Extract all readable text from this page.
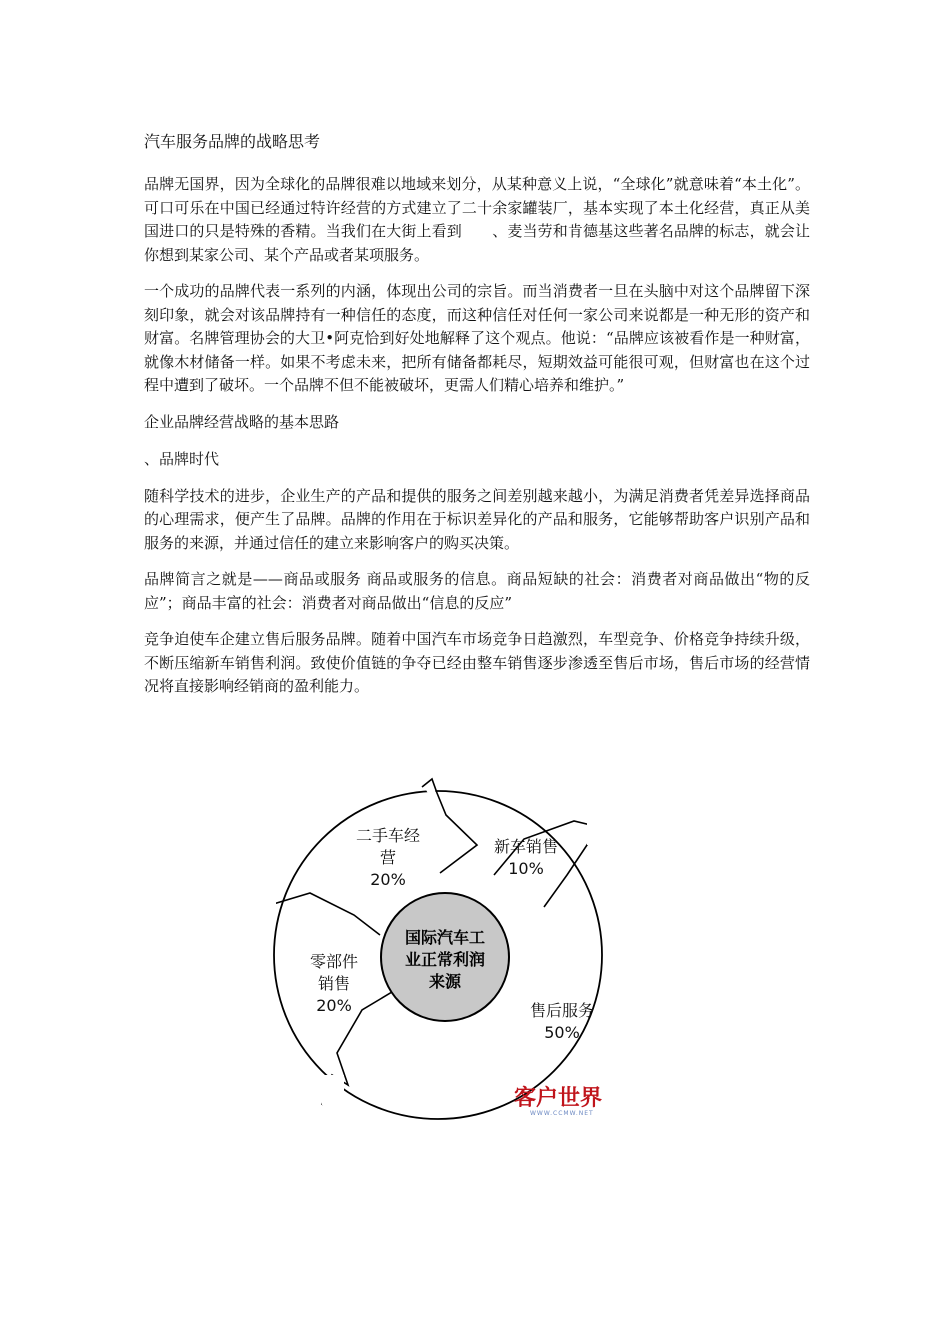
汽车服务品牌的战略思考

品牌无国界，因为全球化的品牌很难以地域来划分，从某种意义上说，“全球化”就意味着“本土化”。 可口可乐在中国已经通过特许经营的方式建立了二十余家罐装厂，基本实现了本土化经营，真正从美国进口的只是特殊的香精。当我们在大街上看到　　、麦当劳和肯德基这些著名品牌的标志，就会让你想到某家公司、某个产品或者某项服务。

一个成功的品牌代表一系列的内涵，体现出公司的宗旨。而当消费者一旦在头脑中对这个品牌留下深刻印象，就会对该品牌持有一种信任的态度，而这种信任对任何一家公司来说都是一种无形的资产和财富。名牌管理协会的大卫•阿克恰到好处地解释了这个观点。他说：“品牌应该被看作是一种财富，就像木材储备一样。如果不考虑未来，把所有储备都耗尽，短期效益可能很可观，但财富也在这个过程中遭到了破坏。一个品牌不但不能被破坏，更需人们精心培养和维护。”

企业品牌经营战略的基本思路
、品牌时代

随科学技术的进步，企业生产的产品和提供的服务之间差别越来越小，为满足消费者凭差异选择商品的心理需求，便产生了品牌。品牌的作用在于标识差异化的产品和服务，它能够帮助客户识别产品和服务的来源，并通过信任的建立来影响客户的购买决策。

品牌简言之就是——商品或服务 商品或服务的信息。商品短缺的社会：消费者对商品做出“物的反应”；商品丰富的社会：消费者对商品做出“信息的反应”

竞争迫使车企建立售后服务品牌。随着中国汽车市场竞争日趋激烈，车型竞争、价格竞争持续升级，不断压缩新车销售利润。致使价值链的争夺已经由整车销售逐步渗透至售后市场，售后市场的经营情况将直接影响经销商的盈利能力。

国际汽车工
业正常利润
来源
新车销售
10%
售后服务
50%
零部件
销售
20%
二手车经
营
20%
客户世界
WWW.CCMW.NET
